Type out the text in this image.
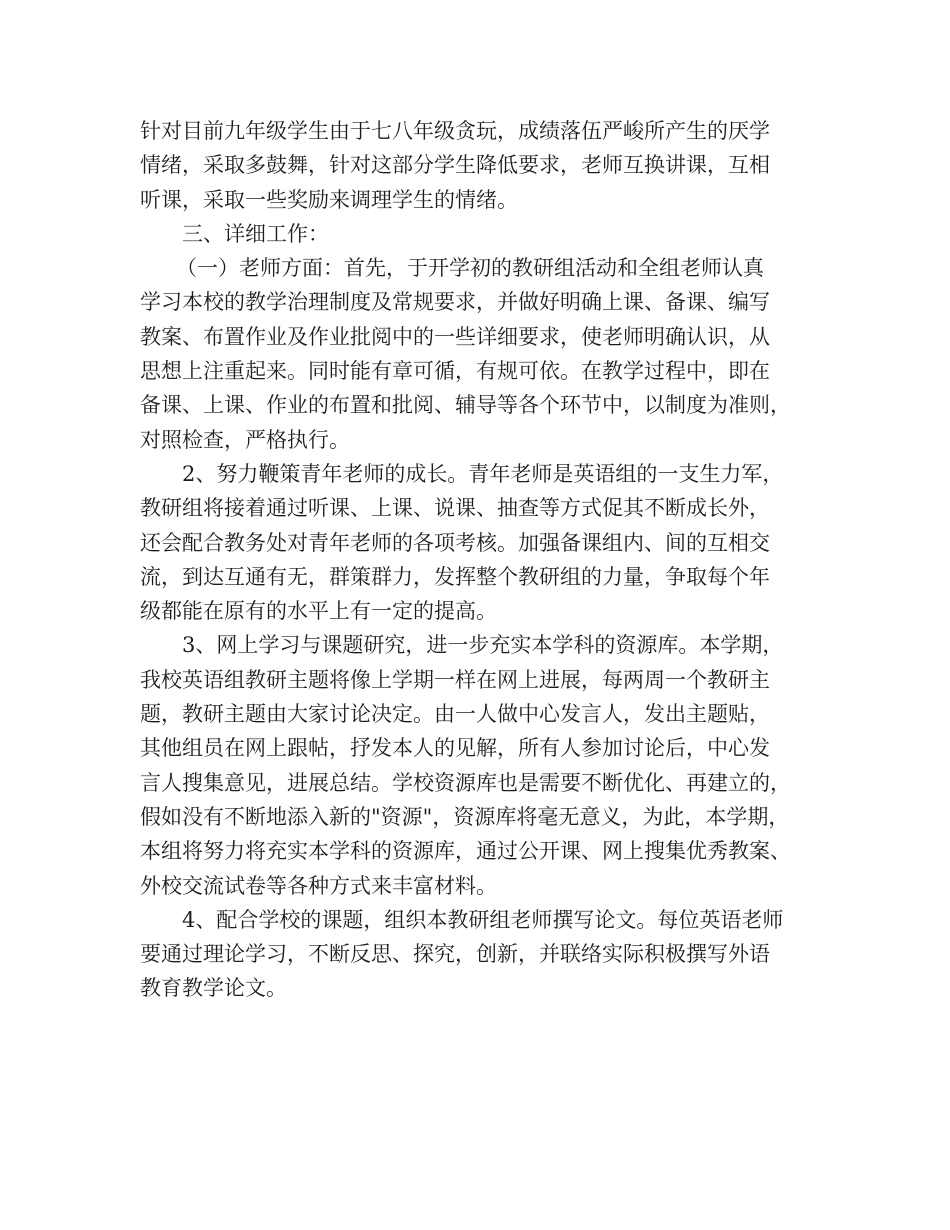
针对目前九年级学生由于七八年级贪玩，成绩落伍严峻所产生的厌学
情绪，采取多鼓舞，针对这部分学生降低要求，老师互换讲课，互相
听课，采取一些奖励来调理学生的情绪。
三、详细工作：
（一）老师方面：首先，于开学初的教研组活动和全组老师认真
学习本校的教学治理制度及常规要求，并做好明确上课、备课、编写
教案、布置作业及作业批阅中的一些详细要求，使老师明确认识，从
思想上注重起来。同时能有章可循，有规可依。在教学过程中，即在
备课、上课、作业的布置和批阅、辅导等各个环节中，以制度为准则，
对照检查，严格执行。
2、努力鞭策青年老师的成长。青年老师是英语组的一支生力军，
教研组将接着通过听课、上课、说课、抽查等方式促其不断成长外，
还会配合教务处对青年老师的各项考核。加强备课组内、间的互相交
流，到达互通有无，群策群力，发挥整个教研组的力量，争取每个年
级都能在原有的水平上有一定的提高。
3、网上学习与课题研究，进一步充实本学科的资源库。本学期，
我校英语组教研主题将像上学期一样在网上进展，每两周一个教研主
题，教研主题由大家讨论决定。由一人做中心发言人，发出主题贴，
其他组员在网上跟帖，抒发本人的见解，所有人参加讨论后，中心发
言人搜集意见，进展总结。学校资源库也是需要不断优化、再建立的，
假如没有不断地添入新的"资源"，资源库将毫无意义，为此，本学期，
本组将努力将充实本学科的资源库，通过公开课、网上搜集优秀教案、
外校交流试卷等各种方式来丰富材料。
4、配合学校的课题，组织本教研组老师撰写论文。每位英语老师
要通过理论学习，不断反思、探究，创新，并联络实际积极撰写外语
教育教学论文。
